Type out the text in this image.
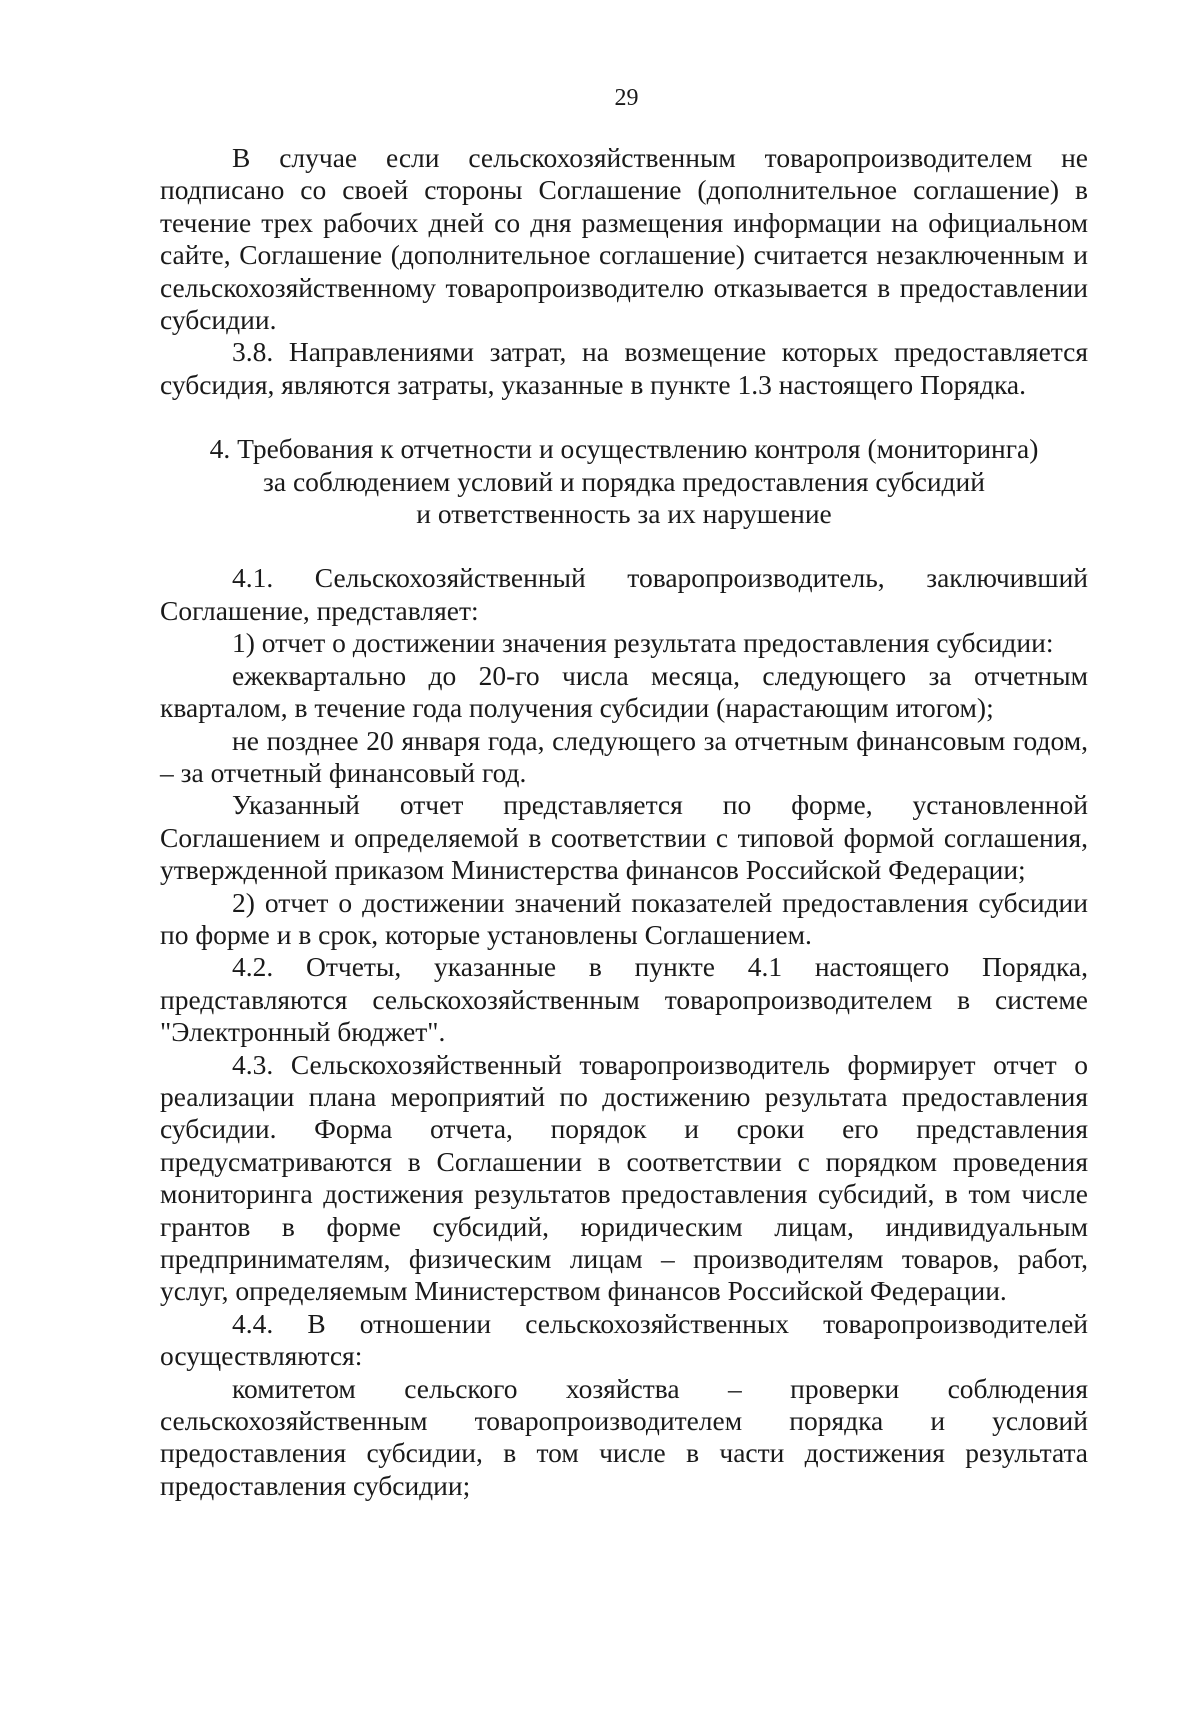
29

В случае если сельскохозяйственным товаропроизводителем не подписано со своей стороны Соглашение (дополнительное соглашение) в течение трех рабочих дней со дня размещения информации на официальном сайте, Соглашение (дополнительное соглашение) считается незаключенным и сельскохозяйственному товаропроизводителю отказывается в предоставлении субсидии.

3.8. Направлениями затрат, на возмещение которых предоставляется субсидия, являются затраты, указанные в пункте 1.3 настоящего Порядка.

4. Требования к отчетности и осуществлению контроля (мониторинга)
за соблюдением условий и порядка предоставления субсидий
и ответственность за их нарушение

4.1. Сельскохозяйственный товаропроизводитель, заключивший Соглашение, представляет:

1) отчет о достижении значения результата предоставления субсидии:

ежеквартально до 20-го числа месяца, следующего за отчетным кварталом, в течение года получения субсидии (нарастающим итогом);

не позднее 20 января года, следующего за отчетным финансовым годом, – за отчетный финансовый год.

Указанный отчет представляется по форме, установленной Соглашением и определяемой в соответствии с типовой формой соглашения, утвержденной приказом Министерства финансов Российской Федерации;

2) отчет о достижении значений показателей предоставления субсидии по форме и в срок, которые установлены Соглашением.

4.2. Отчеты, указанные в пункте 4.1 настоящего Порядка, представляются сельскохозяйственным товаропроизводителем в системе "Электронный бюджет".

4.3. Сельскохозяйственный товаропроизводитель формирует отчет о реализации плана мероприятий по достижению результата предоставления субсидии. Форма отчета, порядок и сроки его представления предусматриваются в Соглашении в соответствии с порядком проведения мониторинга достижения результатов предоставления субсидий, в том числе грантов в форме субсидий, юридическим лицам, индивидуальным предпринимателям, физическим лицам – производителям товаров, работ, услуг, определяемым Министерством финансов Российской Федерации.

4.4. В отношении сельскохозяйственных товаропроизводителей осуществляются:

комитетом сельского хозяйства – проверки соблюдения сельскохозяйственным товаропроизводителем порядка и условий предоставления субсидии, в том числе в части достижения результата предоставления субсидии;
